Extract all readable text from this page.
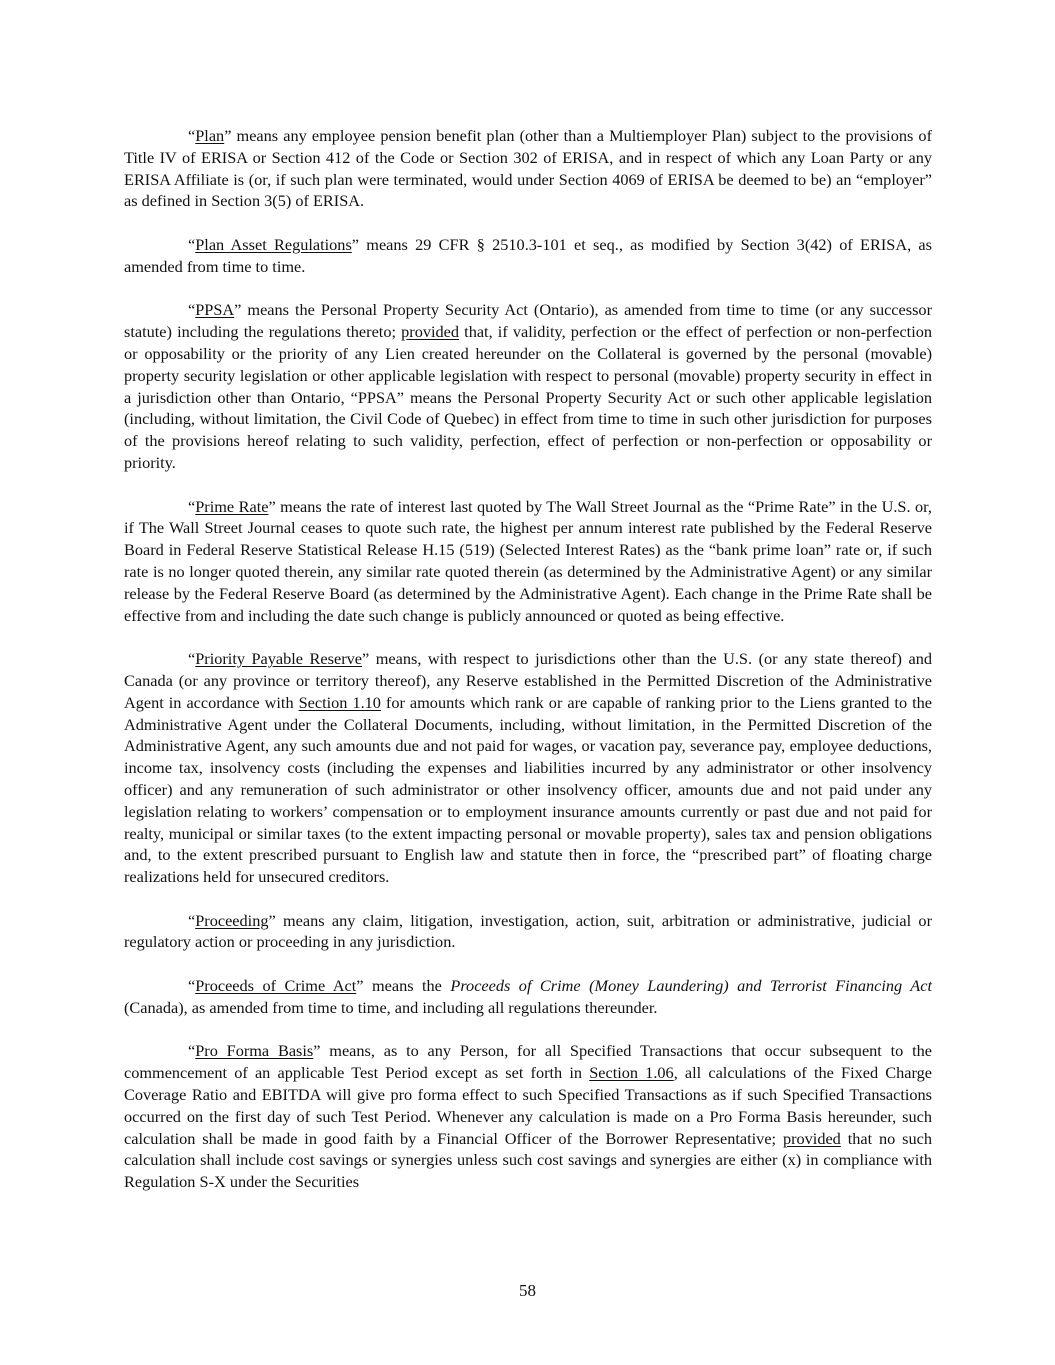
“Plan” means any employee pension benefit plan (other than a Multiemployer Plan) subject to the provisions of Title IV of ERISA or Section 412 of the Code or Section 302 of ERISA, and in respect of which any Loan Party or any ERISA Affiliate is (or, if such plan were terminated, would under Section 4069 of ERISA be deemed to be) an “employer” as defined in Section 3(5) of ERISA.

“Plan Asset Regulations” means 29 CFR § 2510.3-101 et seq., as modified by Section 3(42) of ERISA, as amended from time to time.

“PPSA” means the Personal Property Security Act (Ontario), as amended from time to time (or any successor statute) including the regulations thereto; provided that, if validity, perfection or the effect of perfection or non-perfection or opposability or the priority of any Lien created hereunder on the Collateral is governed by the personal (movable) property security legislation or other applicable legislation with respect to personal (movable) property security in effect in a jurisdiction other than Ontario, “PPSA” means the Personal Property Security Act or such other applicable legislation (including, without limitation, the Civil Code of Quebec) in effect from time to time in such other jurisdiction for purposes of the provisions hereof relating to such validity, perfection, effect of perfection or non-perfection or opposability or priority.

“Prime Rate” means the rate of interest last quoted by The Wall Street Journal as the “Prime Rate” in the U.S. or, if The Wall Street Journal ceases to quote such rate, the highest per annum interest rate published by the Federal Reserve Board in Federal Reserve Statistical Release H.15 (519) (Selected Interest Rates) as the “bank prime loan” rate or, if such rate is no longer quoted therein, any similar rate quoted therein (as determined by the Administrative Agent) or any similar release by the Federal Reserve Board (as determined by the Administrative Agent). Each change in the Prime Rate shall be effective from and including the date such change is publicly announced or quoted as being effective.

“Priority Payable Reserve” means, with respect to jurisdictions other than the U.S. (or any state thereof) and Canada (or any province or territory thereof), any Reserve established in the Permitted Discretion of the Administrative Agent in accordance with Section 1.10 for amounts which rank or are capable of ranking prior to the Liens granted to the Administrative Agent under the Collateral Documents, including, without limitation, in the Permitted Discretion of the Administrative Agent, any such amounts due and not paid for wages, or vacation pay, severance pay, employee deductions, income tax, insolvency costs (including the expenses and liabilities incurred by any administrator or other insolvency officer) and any remuneration of such administrator or other insolvency officer, amounts due and not paid under any legislation relating to workers’ compensation or to employment insurance amounts currently or past due and not paid for realty, municipal or similar taxes (to the extent impacting personal or movable property), sales tax and pension obligations and, to the extent prescribed pursuant to English law and statute then in force, the “prescribed part” of floating charge realizations held for unsecured creditors.

“Proceeding” means any claim, litigation, investigation, action, suit, arbitration or administrative, judicial or regulatory action or proceeding in any jurisdiction.

“Proceeds of Crime Act” means the Proceeds of Crime (Money Laundering) and Terrorist Financing Act (Canada), as amended from time to time, and including all regulations thereunder.

“Pro Forma Basis” means, as to any Person, for all Specified Transactions that occur subsequent to the commencement of an applicable Test Period except as set forth in Section 1.06, all calculations of the Fixed Charge Coverage Ratio and EBITDA will give pro forma effect to such Specified Transactions as if such Specified Transactions occurred on the first day of such Test Period. Whenever any calculation is made on a Pro Forma Basis hereunder, such calculation shall be made in good faith by a Financial Officer of the Borrower Representative; provided that no such calculation shall include cost savings or synergies unless such cost savings and synergies are either (x) in compliance with Regulation S-X under the Securities

58
